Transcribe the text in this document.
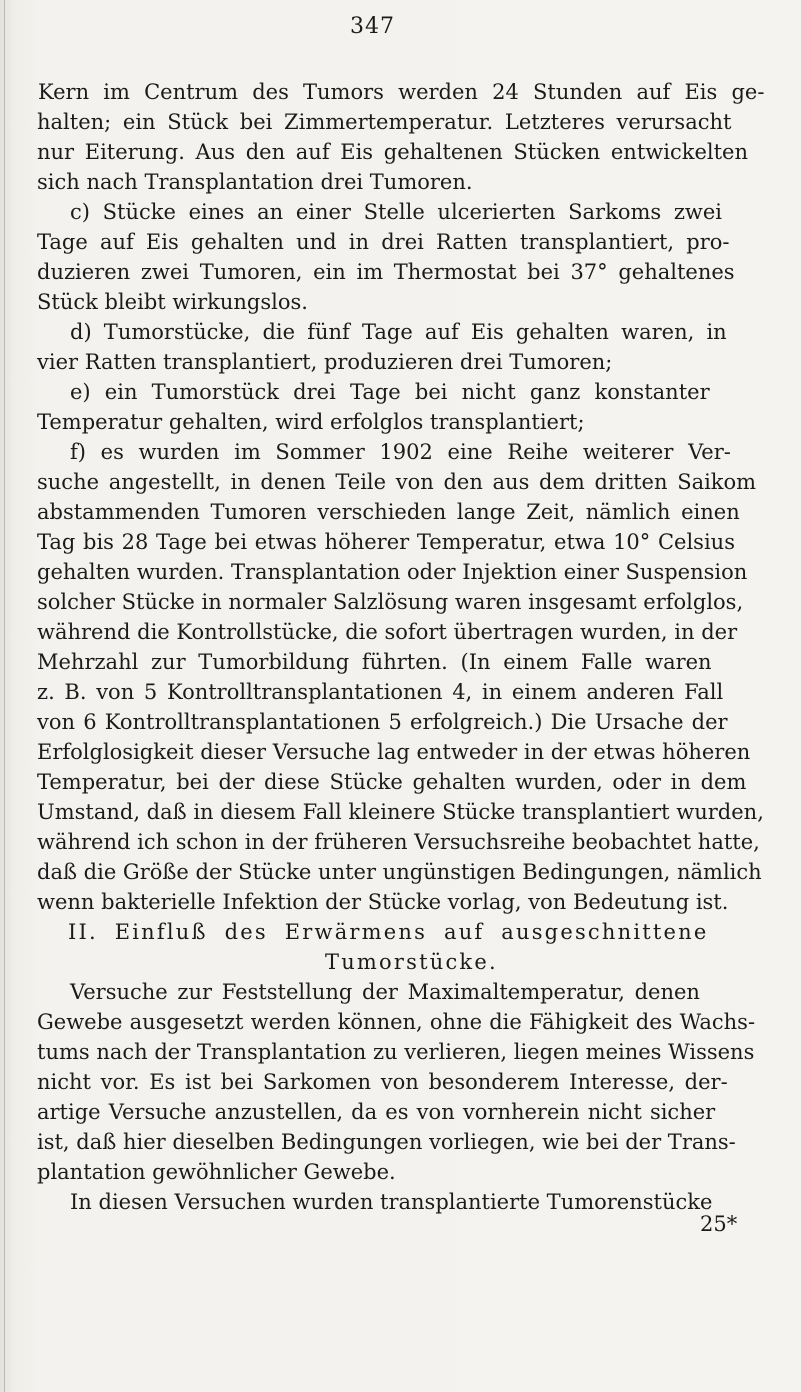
347
Kern im Centrum des Tumors werden 24 Stunden auf Eis ge-
halten; ein Stück bei Zimmertemperatur. Letzteres verursacht
nur Eiterung. Aus den auf Eis gehaltenen Stücken entwickelten
sich nach Transplantation drei Tumoren.
c) Stücke eines an einer Stelle ulcerierten Sarkoms zwei
Tage auf Eis gehalten und in drei Ratten transplantiert, pro-
duzieren zwei Tumoren, ein im Thermostat bei 37° gehaltenes
Stück bleibt wirkungslos.
d) Tumorstücke, die fünf Tage auf Eis gehalten waren, in
vier Ratten transplantiert, produzieren drei Tumoren;
e) ein Tumorstück drei Tage bei nicht ganz konstanter
Temperatur gehalten, wird erfolglos transplantiert;
f) es wurden im Sommer 1902 eine Reihe weiterer Ver-
suche angestellt, in denen Teile von den aus dem dritten Saikom
abstammenden Tumoren verschieden lange Zeit, nämlich einen
Tag bis 28 Tage bei etwas höherer Temperatur, etwa 10° Celsius
gehalten wurden. Transplantation oder Injektion einer Suspension
solcher Stücke in normaler Salzlösung waren insgesamt erfolglos,
während die Kontrollstücke, die sofort übertragen wurden, in der
Mehrzahl zur Tumorbildung führten. (In einem Falle waren
z. B. von 5 Kontrolltransplantationen 4, in einem anderen Fall
von 6 Kontrolltransplantationen 5 erfolgreich.) Die Ursache der
Erfolglosigkeit dieser Versuche lag entweder in der etwas höheren
Temperatur, bei der diese Stücke gehalten wurden, oder in dem
Umstand, daß in diesem Fall kleinere Stücke transplantiert wurden,
während ich schon in der früheren Versuchsreihe beobachtet hatte,
daß die Größe der Stücke unter ungünstigen Bedingungen, nämlich
wenn bakterielle Infektion der Stücke vorlag, von Bedeutung ist.
II. Einfluß des Erwärmens auf ausgeschnittene
Tumorstücke.
Versuche zur Feststellung der Maximaltemperatur, denen
Gewebe ausgesetzt werden können, ohne die Fähigkeit des Wachs-
tums nach der Transplantation zu verlieren, liegen meines Wissens
nicht vor. Es ist bei Sarkomen von besonderem Interesse, der-
artige Versuche anzustellen, da es von vornherein nicht sicher
ist, daß hier dieselben Bedingungen vorliegen, wie bei der Trans-
plantation gewöhnlicher Gewebe.
In diesen Versuchen wurden transplantierte Tumorenstücke
25*
